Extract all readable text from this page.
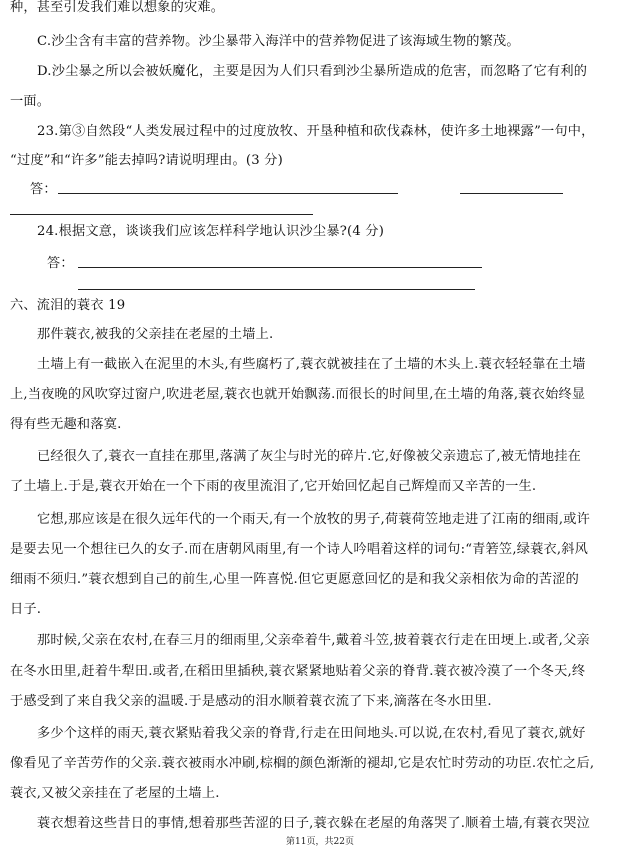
种，甚至引发我们难以想象的灾难。
C.沙尘含有丰富的营养物。沙尘暴带入海洋中的营养物促进了该海域生物的繁茂。
D.沙尘暴之所以会被妖魔化，主要是因为人们只看到沙尘暴所造成的危害，而忽略了它有利的
一面。
23.第③自然段“人类发展过程中的过度放牧、开垦种植和砍伐森林，使许多土地裸露”一句中，
“过度”和“许多”能去掉吗?请说明理由。(3 分)
答：
24.根据文意，谈谈我们应该怎样科学地认识沙尘暴?(4 分)
答：
六、流泪的蓑衣 19
那件蓑衣,被我的父亲挂在老屋的土墙上.
土墙上有一截嵌入在泥里的木头,有些腐朽了,蓑衣就被挂在了土墙的木头上.蓑衣轻轻靠在土墙
上,当夜晚的风吹穿过窗户,吹进老屋,蓑衣也就开始飘荡.而很长的时间里,在土墙的角落,蓑衣始终显
得有些无趣和落寞.
已经很久了,蓑衣一直挂在那里,落满了灰尘与时光的碎片.它,好像被父亲遗忘了,被无情地挂在
了土墙上.于是,蓑衣开始在一个下雨的夜里流泪了,它开始回忆起自己辉煌而又辛苦的一生.
它想,那应该是在很久远年代的一个雨天,有一个放牧的男子,荷蓑荷笠地走进了江南的细雨,或许
是要去见一个想往已久的女子.而在唐朝风雨里,有一个诗人吟唱着这样的词句:“青箬笠,绿蓑衣,斜风
细雨不须归.”蓑衣想到自己的前生,心里一阵喜悦.但它更愿意回忆的是和我父亲相依为命的苦涩的
日子.
那时候,父亲在农村,在春三月的细雨里,父亲牵着牛,戴着斗笠,披着蓑衣行走在田埂上.或者,父亲
在冬水田里,赶着牛犁田.或者,在稻田里插秧,蓑衣紧紧地贴着父亲的脊背.蓑衣被冷漠了一个冬天,终
于感受到了来自我父亲的温暖.于是感动的泪水顺着蓑衣流了下来,滴落在冬水田里.
多少个这样的雨天,蓑衣紧贴着我父亲的脊背,行走在田间地头.可以说,在农村,看见了蓑衣,就好
像看见了辛苦劳作的父亲.蓑衣被雨水冲刷,棕榈的颜色渐渐的褪却,它是农忙时劳动的功臣.农忙之后,
蓑衣,又被父亲挂在了老屋的土墙上.
蓑衣想着这些昔日的事情,想着那些苦涩的日子,蓑衣躲在老屋的角落哭了.顺着土墙,有蓑衣哭泣
第11页，共22页
